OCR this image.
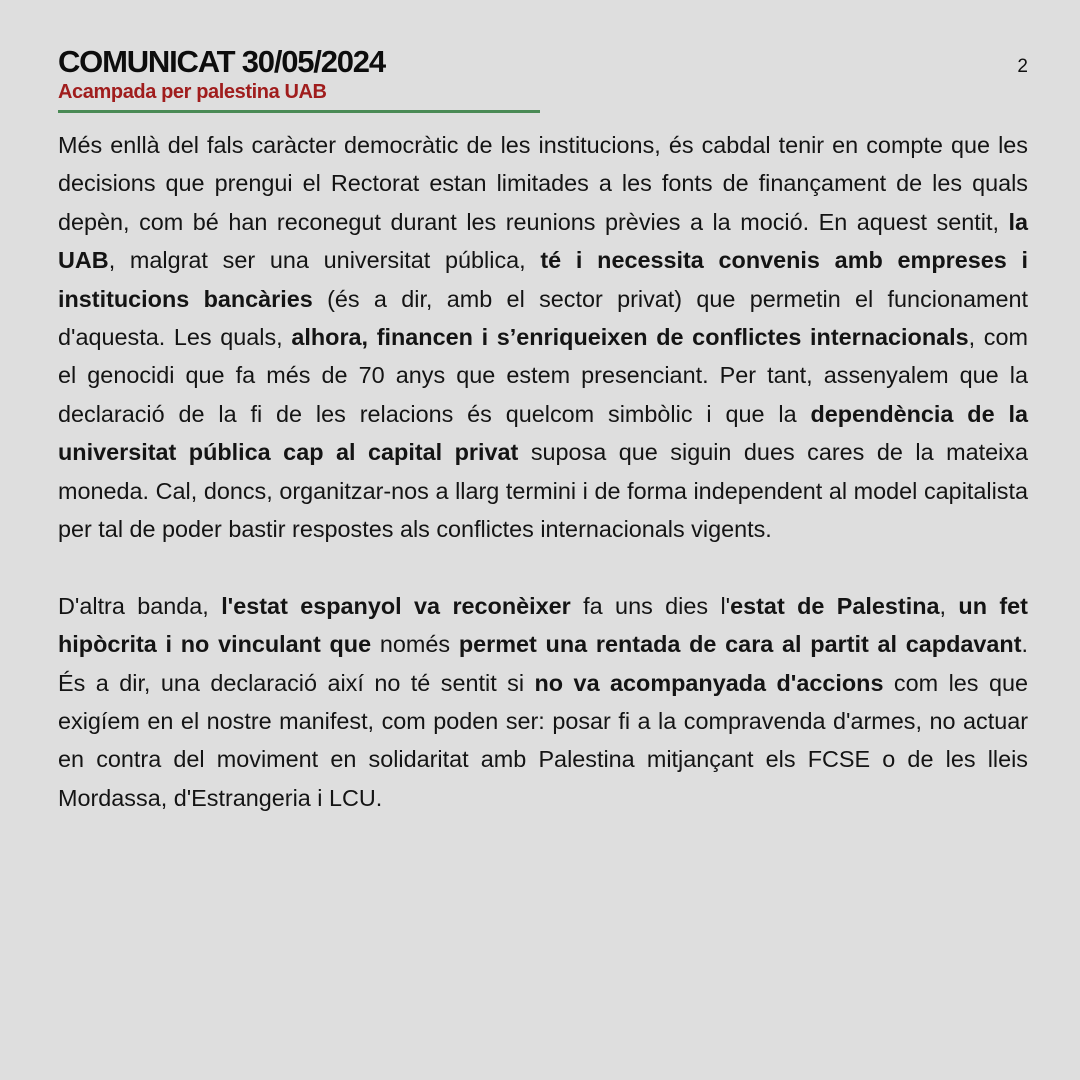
COMUNICAT 30/05/2024
Acampada per palestina UAB
2

Més enllà del fals caràcter democràtic de les institucions, és cabdal tenir en compte que les decisions que prengui el Rectorat estan limitades a les fonts de finançament de les quals depèn, com bé han reconegut durant les reunions prèvies a la moció. En aquest sentit, la UAB, malgrat ser una universitat pública, té i necessita convenis amb empreses i institucions bancàries (és a dir, amb el sector privat) que permetin el funcionament d'aquesta. Les quals, alhora, financen i s’enriqueixen de conflictes internacionals, com el genocidi que fa més de 70 anys que estem presenciant. Per tant, assenyalem que la declaració de la fi de les relacions és quelcom simbòlic i que la dependència de la universitat pública cap al capital privat suposa que siguin dues cares de la mateixa moneda. Cal, doncs, organitzar-nos a llarg termini i de forma independent al model capitalista per tal de poder bastir respostes als conflictes internacionals vigents.

D'altra banda, l'estat espanyol va reconèixer fa uns dies l'estat de Palestina, un fet hipòcrita i no vinculant que només permet una rentada de cara al partit al capdavant. És a dir, una declaració així no té sentit si no va acompanyada d'accions com les que exigíem en el nostre manifest, com poden ser: posar fi a la compravenda d'armes, no actuar en contra del moviment en solidaritat amb Palestina mitjançant els FCSE o de les lleis Mordassa, d'Estrangeria i LCU.
